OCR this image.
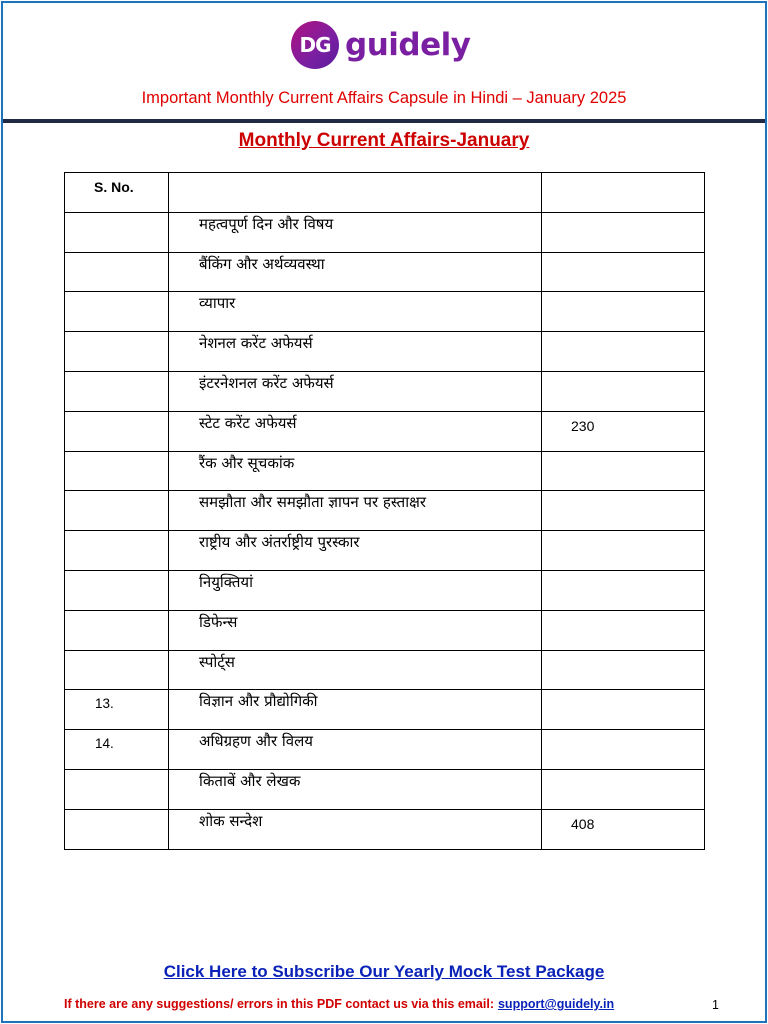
DG guidely
Important Monthly Current Affairs Capsule in Hindi – January 2025
Monthly Current Affairs-January
S. No.		

	महत्वपूर्ण दिन और विषय	

	बैंकिंग और अर्थव्यवस्था	

	व्यापार	

	नेशनल करेंट अफेयर्स	

	इंटरनेशनल करेंट अफेयर्स	

	स्टेट करेंट अफेयर्स	230

	रैंक और सूचकांक	

	समझौता और समझौता ज्ञापन पर हस्ताक्षर	

	राष्ट्रीय और अंतर्राष्ट्रीय पुरस्कार	

	नियुक्तियां	

	डिफेन्स	

	स्पोर्ट्स	

13.	विज्ञान और प्रौद्योगिकी	

14.	अधिग्रहण और विलय	

	किताबें और लेखक	

	शोक सन्देश	408
Click Here to Subscribe Our Yearly Mock Test Package
If there are any suggestions/ errors in this PDF contact us via this email: support@guidely.in	1
